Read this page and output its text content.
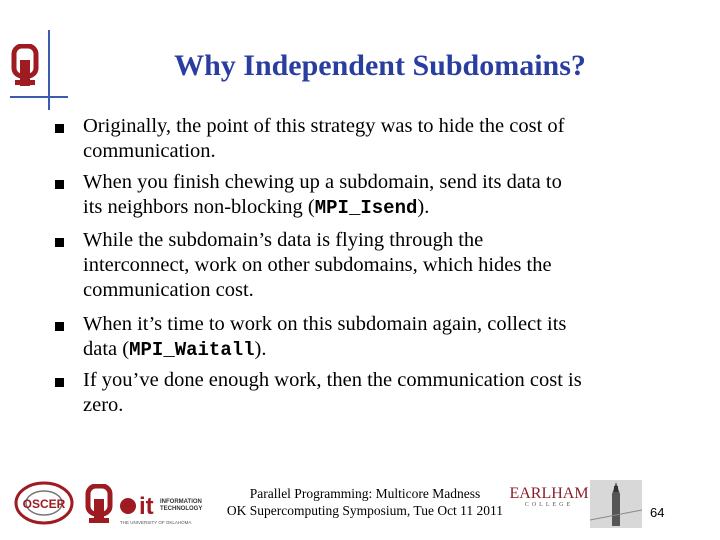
Why Independent Subdomains?
Originally, the point of this strategy was to hide the cost of
communication.
When you finish chewing up a subdomain, send its data to
its neighbors non-blocking (MPI_Isend).
While the subdomain’s data is flying through the
interconnect, work on other subdomains, which hides the
communication cost.
When it’s time to work on this subdomain again, collect its
data (MPI_Waitall).
If you’ve done enough work, then the communication cost is
zero.
OSCER	it INFORMATION
TECHNOLOGY
THE UNIVERSITY OF OKLAHOMA
EARLHAM
COLLEGE
Parallel Programming: Multicore Madness
OK Supercomputing Symposium, Tue Oct 11 2011	64
